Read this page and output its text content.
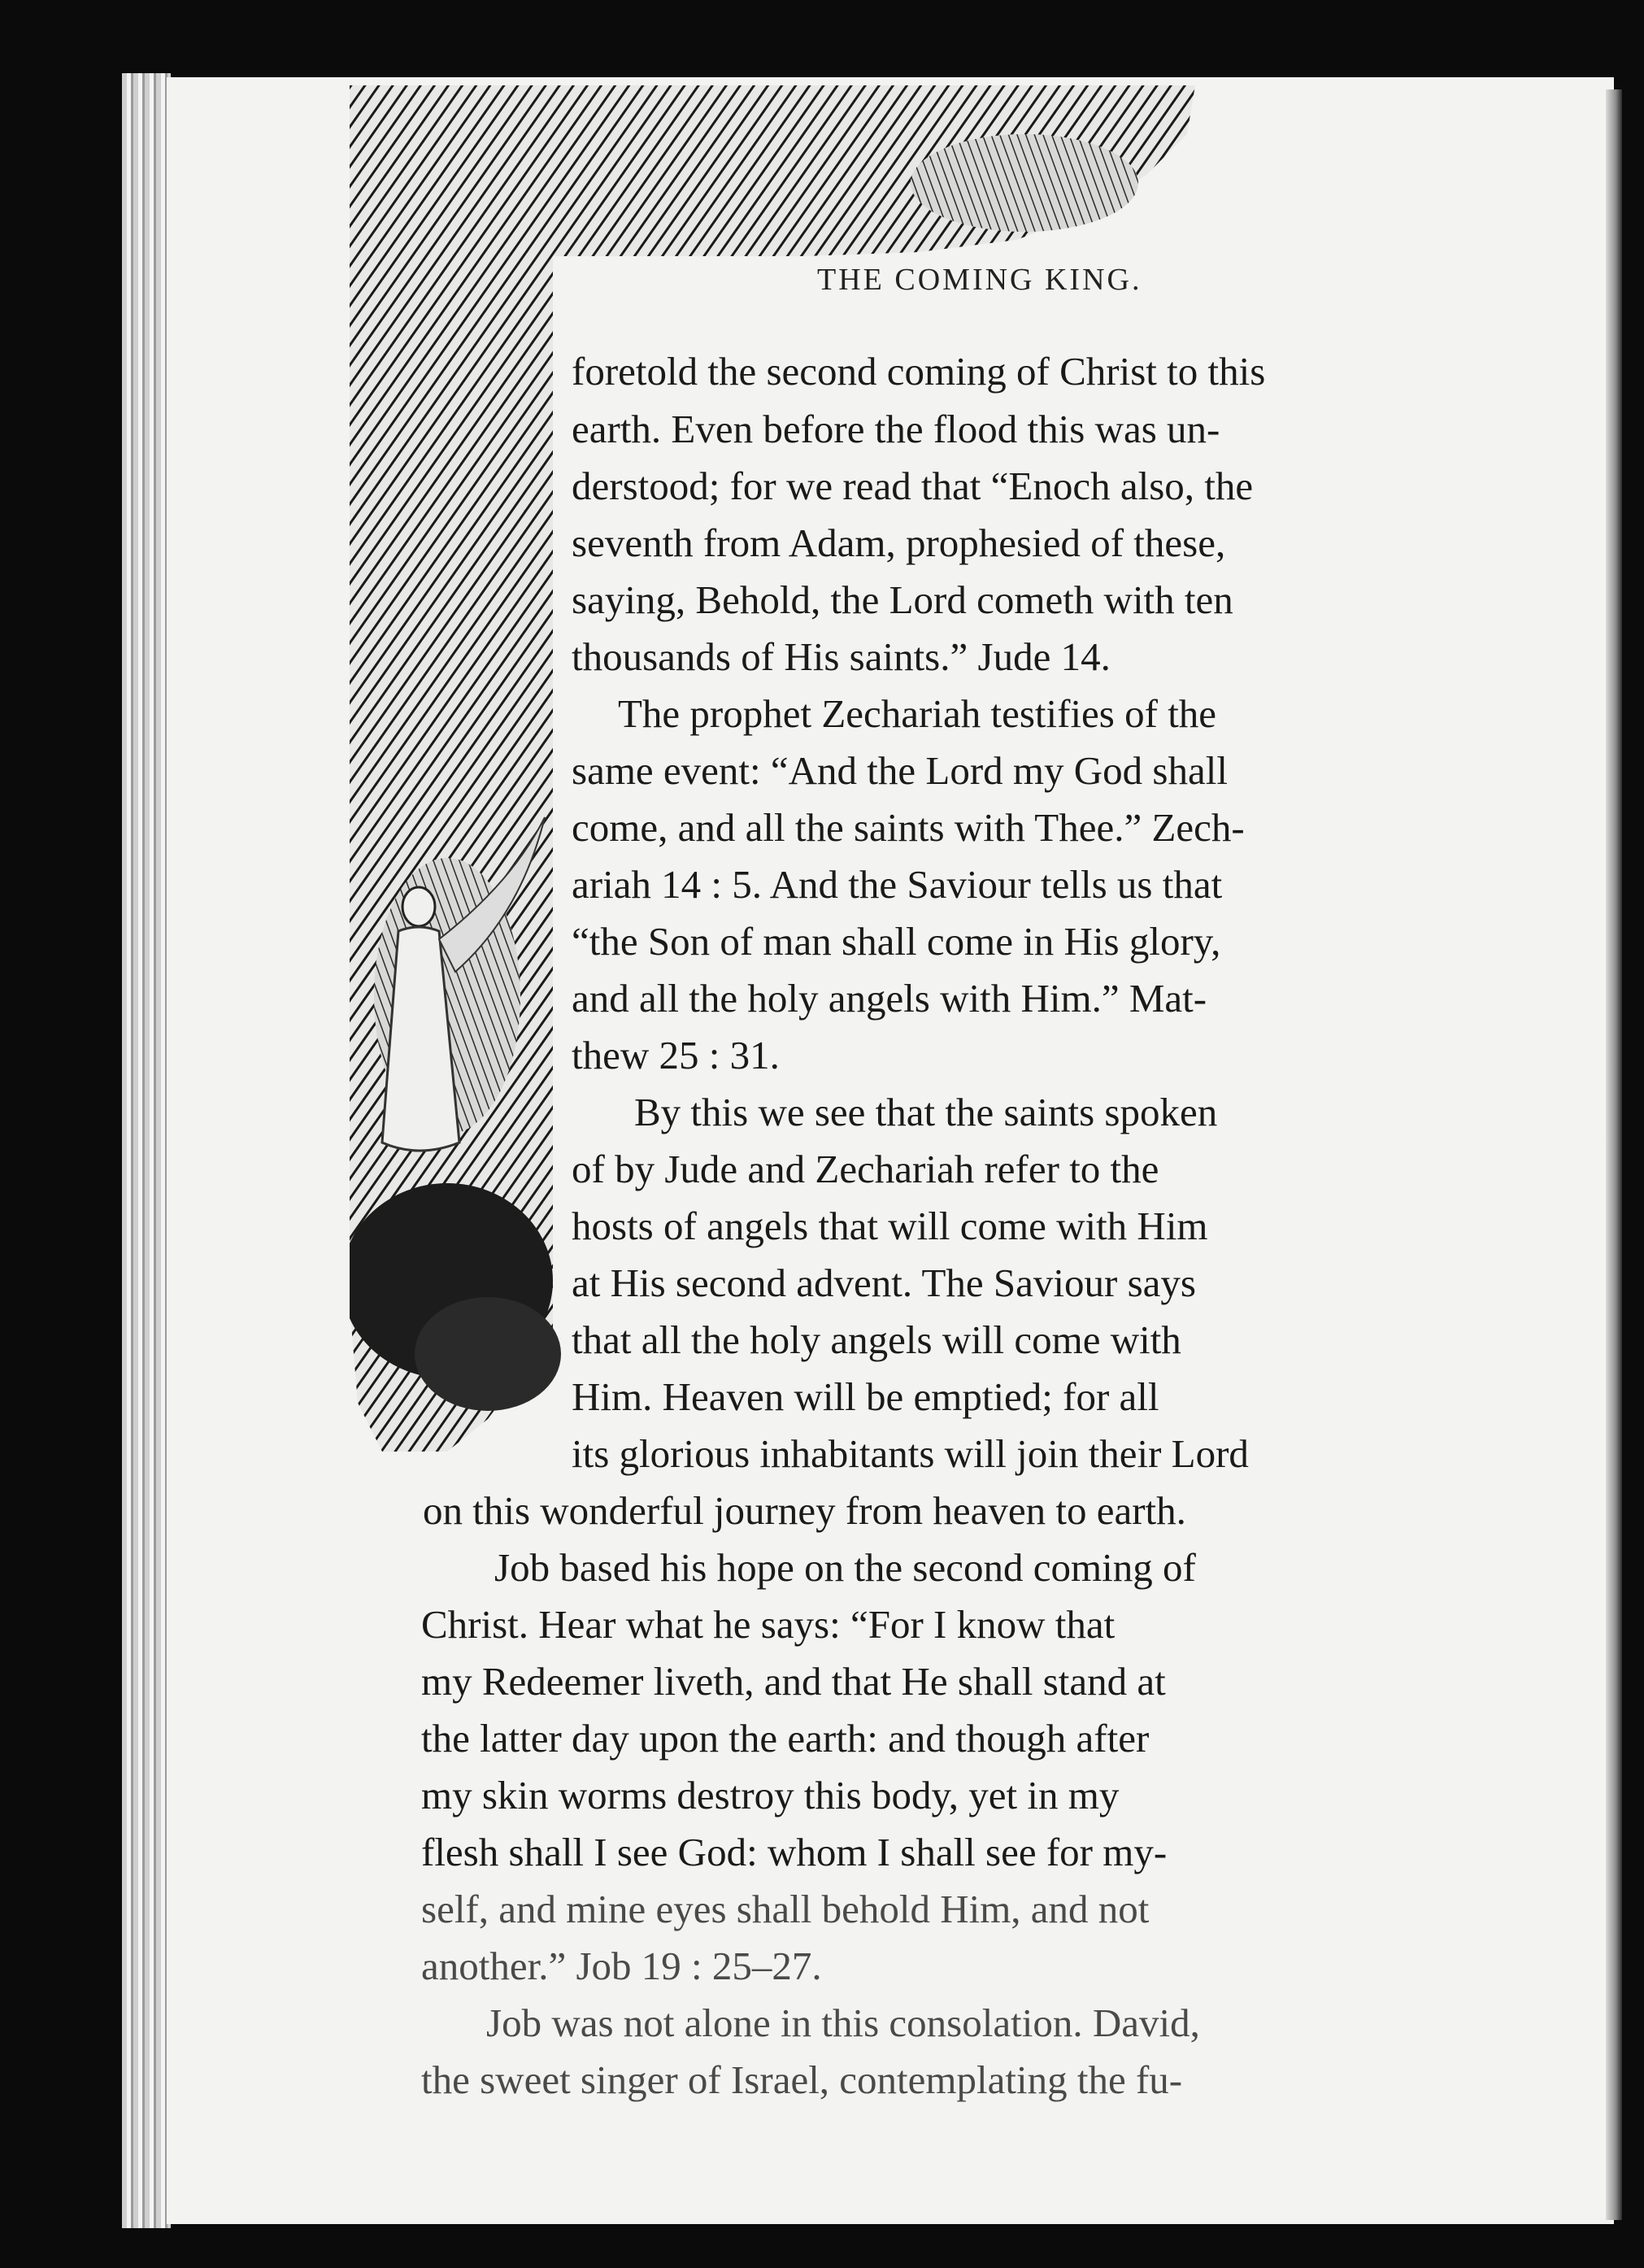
THE COMING KING.
foretold the second coming of Christ to this
earth. Even before the flood this was un-
derstood; for we read that “Enoch also, the
seventh from Adam, prophesied of these,
saying, Behold, the Lord cometh with ten
thousands of His saints.” Jude 14.
The prophet Zechariah testifies of the
same event: “And the Lord my God shall
come, and all the saints with Thee.” Zech-
ariah 14 : 5. And the Saviour tells us that
“the Son of man shall come in His glory,
and all the holy angels with Him.” Mat-
thew 25 : 31.
By this we see that the saints spoken
of by Jude and Zechariah refer to the
hosts of angels that will come with Him
at His second advent. The Saviour says
that all the holy angels will come with
Him. Heaven will be emptied; for all
its glorious inhabitants will join their Lord
on this wonderful journey from heaven to earth.
Job based his hope on the second coming of
Christ. Hear what he says: “For I know that
my Redeemer liveth, and that He shall stand at
the latter day upon the earth: and though after
my skin worms destroy this body, yet in my
flesh shall I see God: whom I shall see for my-
self, and mine eyes shall behold Him, and not
another.” Job 19 : 25–27.
Job was not alone in this consolation. David,
the sweet singer of Israel, contemplating the fu-
